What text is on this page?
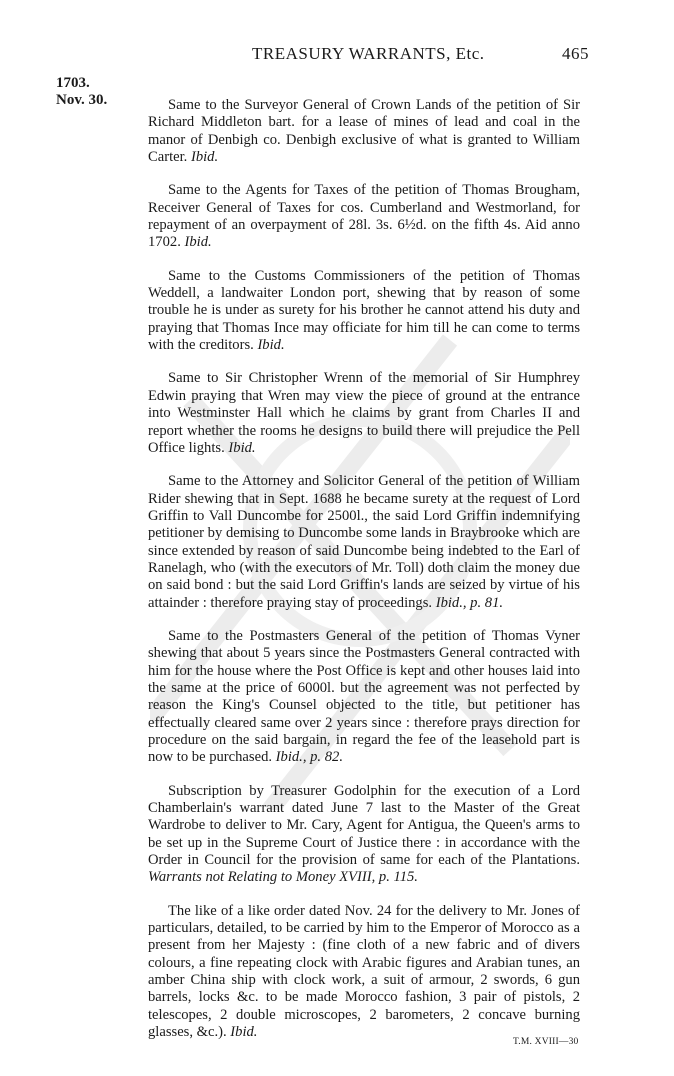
TREASURY WARRANTS, Etc.	465
1703.
Nov. 30.	Same to the Surveyor General of Crown Lands of the petition of Sir Richard Middleton bart. for a lease of mines of lead and coal in the manor of Denbigh co. Denbigh exclusive of what is granted to William Carter. Ibid.

Same to the Agents for Taxes of the petition of Thomas Brougham, Receiver General of Taxes for cos. Cumberland and Westmorland, for repayment of an overpayment of 28l. 3s. 6½d. on the fifth 4s. Aid anno 1702. Ibid.

Same to the Customs Commissioners of the petition of Thomas Weddell, a landwaiter London port, shewing that by reason of some trouble he is under as surety for his brother he cannot attend his duty and praying that Thomas Ince may officiate for him till he can come to terms with the creditors. Ibid.

Same to Sir Christopher Wrenn of the memorial of Sir Humphrey Edwin praying that Wren may view the piece of ground at the entrance into Westminster Hall which he claims by grant from Charles II and report whether the rooms he designs to build there will prejudice the Pell Office lights. Ibid.

Same to the Attorney and Solicitor General of the petition of William Rider shewing that in Sept. 1688 he became surety at the request of Lord Griffin to Vall Duncombe for 2500l., the said Lord Griffin indemnifying petitioner by demising to Duncombe some lands in Braybrooke which are since extended by reason of said Duncombe being indebted to the Earl of Ranelagh, who (with the executors of Mr. Toll) doth claim the money due on said bond : but the said Lord Griffin's lands are seized by virtue of his attainder : therefore praying stay of proceedings. Ibid., p. 81.

Same to the Postmasters General of the petition of Thomas Vyner shewing that about 5 years since the Postmasters General contracted with him for the house where the Post Office is kept and other houses laid into the same at the price of 6000l. but the agreement was not perfected by reason the King's Counsel objected to the title, but petitioner has effectually cleared same over 2 years since : therefore prays direction for procedure on the said bargain, in regard the fee of the leasehold part is now to be purchased. Ibid., p. 82.

Subscription by Treasurer Godolphin for the execution of a Lord Chamberlain's warrant dated June 7 last to the Master of the Great Wardrobe to deliver to Mr. Cary, Agent for Antigua, the Queen's arms to be set up in the Supreme Court of Justice there : in accordance with the Order in Council for the provision of same for each of the Plantations. Warrants not Relating to Money XVIII, p. 115.

The like of a like order dated Nov. 24 for the delivery to Mr. Jones of particulars, detailed, to be carried by him to the Emperor of Morocco as a present from her Majesty : (fine cloth of a new fabric and of divers colours, a fine repeating clock with Arabic figures and Arabian tunes, an amber China ship with clock work, a suit of armour, 2 swords, 6 gun barrels, locks &c. to be made Morocco fashion, 3 pair of pistols, 2 telescopes, 2 double microscopes, 2 barometers, 2 concave burning glasses, &c.). Ibid.

T.M. XVIII—30
